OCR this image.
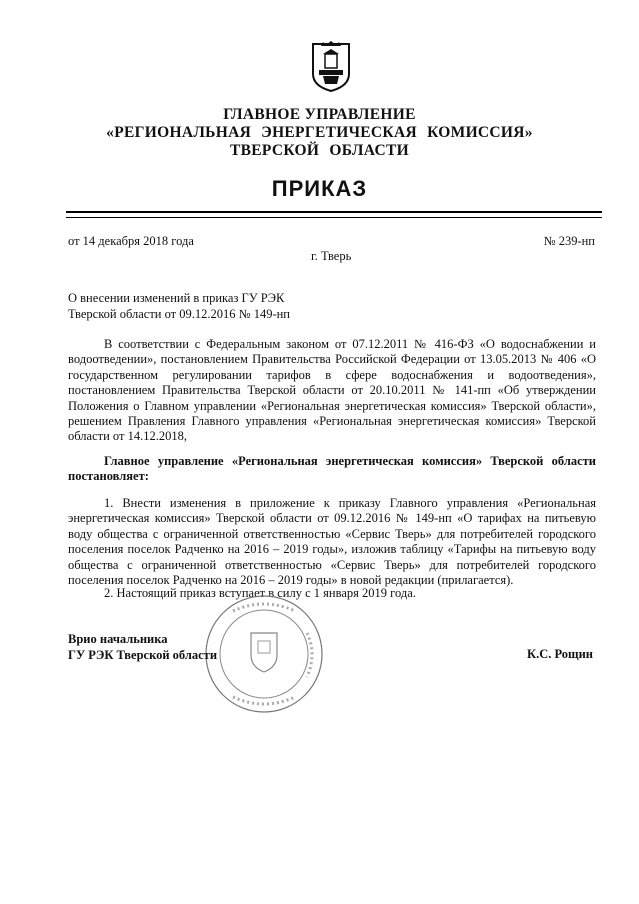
ГЛАВНОЕ УПРАВЛЕНИЕ
«РЕГИОНАЛЬНАЯ ЭНЕРГЕТИЧЕСКАЯ КОМИССИЯ»
ТВЕРСКОЙ ОБЛАСТИ
ПРИКАЗ
от 14 декабря 2018 года	№ 239-нп
г. Тверь
О внесении изменений в приказ ГУ РЭК
Тверской области от 09.12.2016 № 149-нп
В соответствии с Федеральным законом от 07.12.2011 № 416-ФЗ «О водоснабжении и водоотведении», постановлением Правительства Российской Федерации от 13.05.2013 № 406 «О государственном регулировании тарифов в сфере водоснабжения и водоотведения», постановлением Правительства Тверской области от 20.10.2011 № 141-пп «Об утверждении Положения о Главном управлении «Региональная энергетическая комиссия» Тверской области», решением Правления Главного управления «Региональная энергетическая комиссия» Тверской области от 14.12.2018,
Главное управление «Региональная энергетическая комиссия» Тверской области постановляет:
1. Внести изменения в приложение к приказу Главного управления «Региональная энергетическая комиссия» Тверской области от 09.12.2016 № 149-нп «О тарифах на питьевую воду общества с ограниченной ответственностью «Сервис Тверь» для потребителей городского поселения поселок Радченко на 2016 – 2019 годы», изложив таблицу «Тарифы на питьевую воду общества с ограниченной ответственностью «Сервис Тверь» для потребителей городского поселения поселок Радченко на 2016 – 2019 годы» в новой редакции (прилагается).
2. Настоящий приказ вступает в силу с 1 января 2019 года.
Врио начальника
ГУ РЭК Тверской области	К.С. Рощин
